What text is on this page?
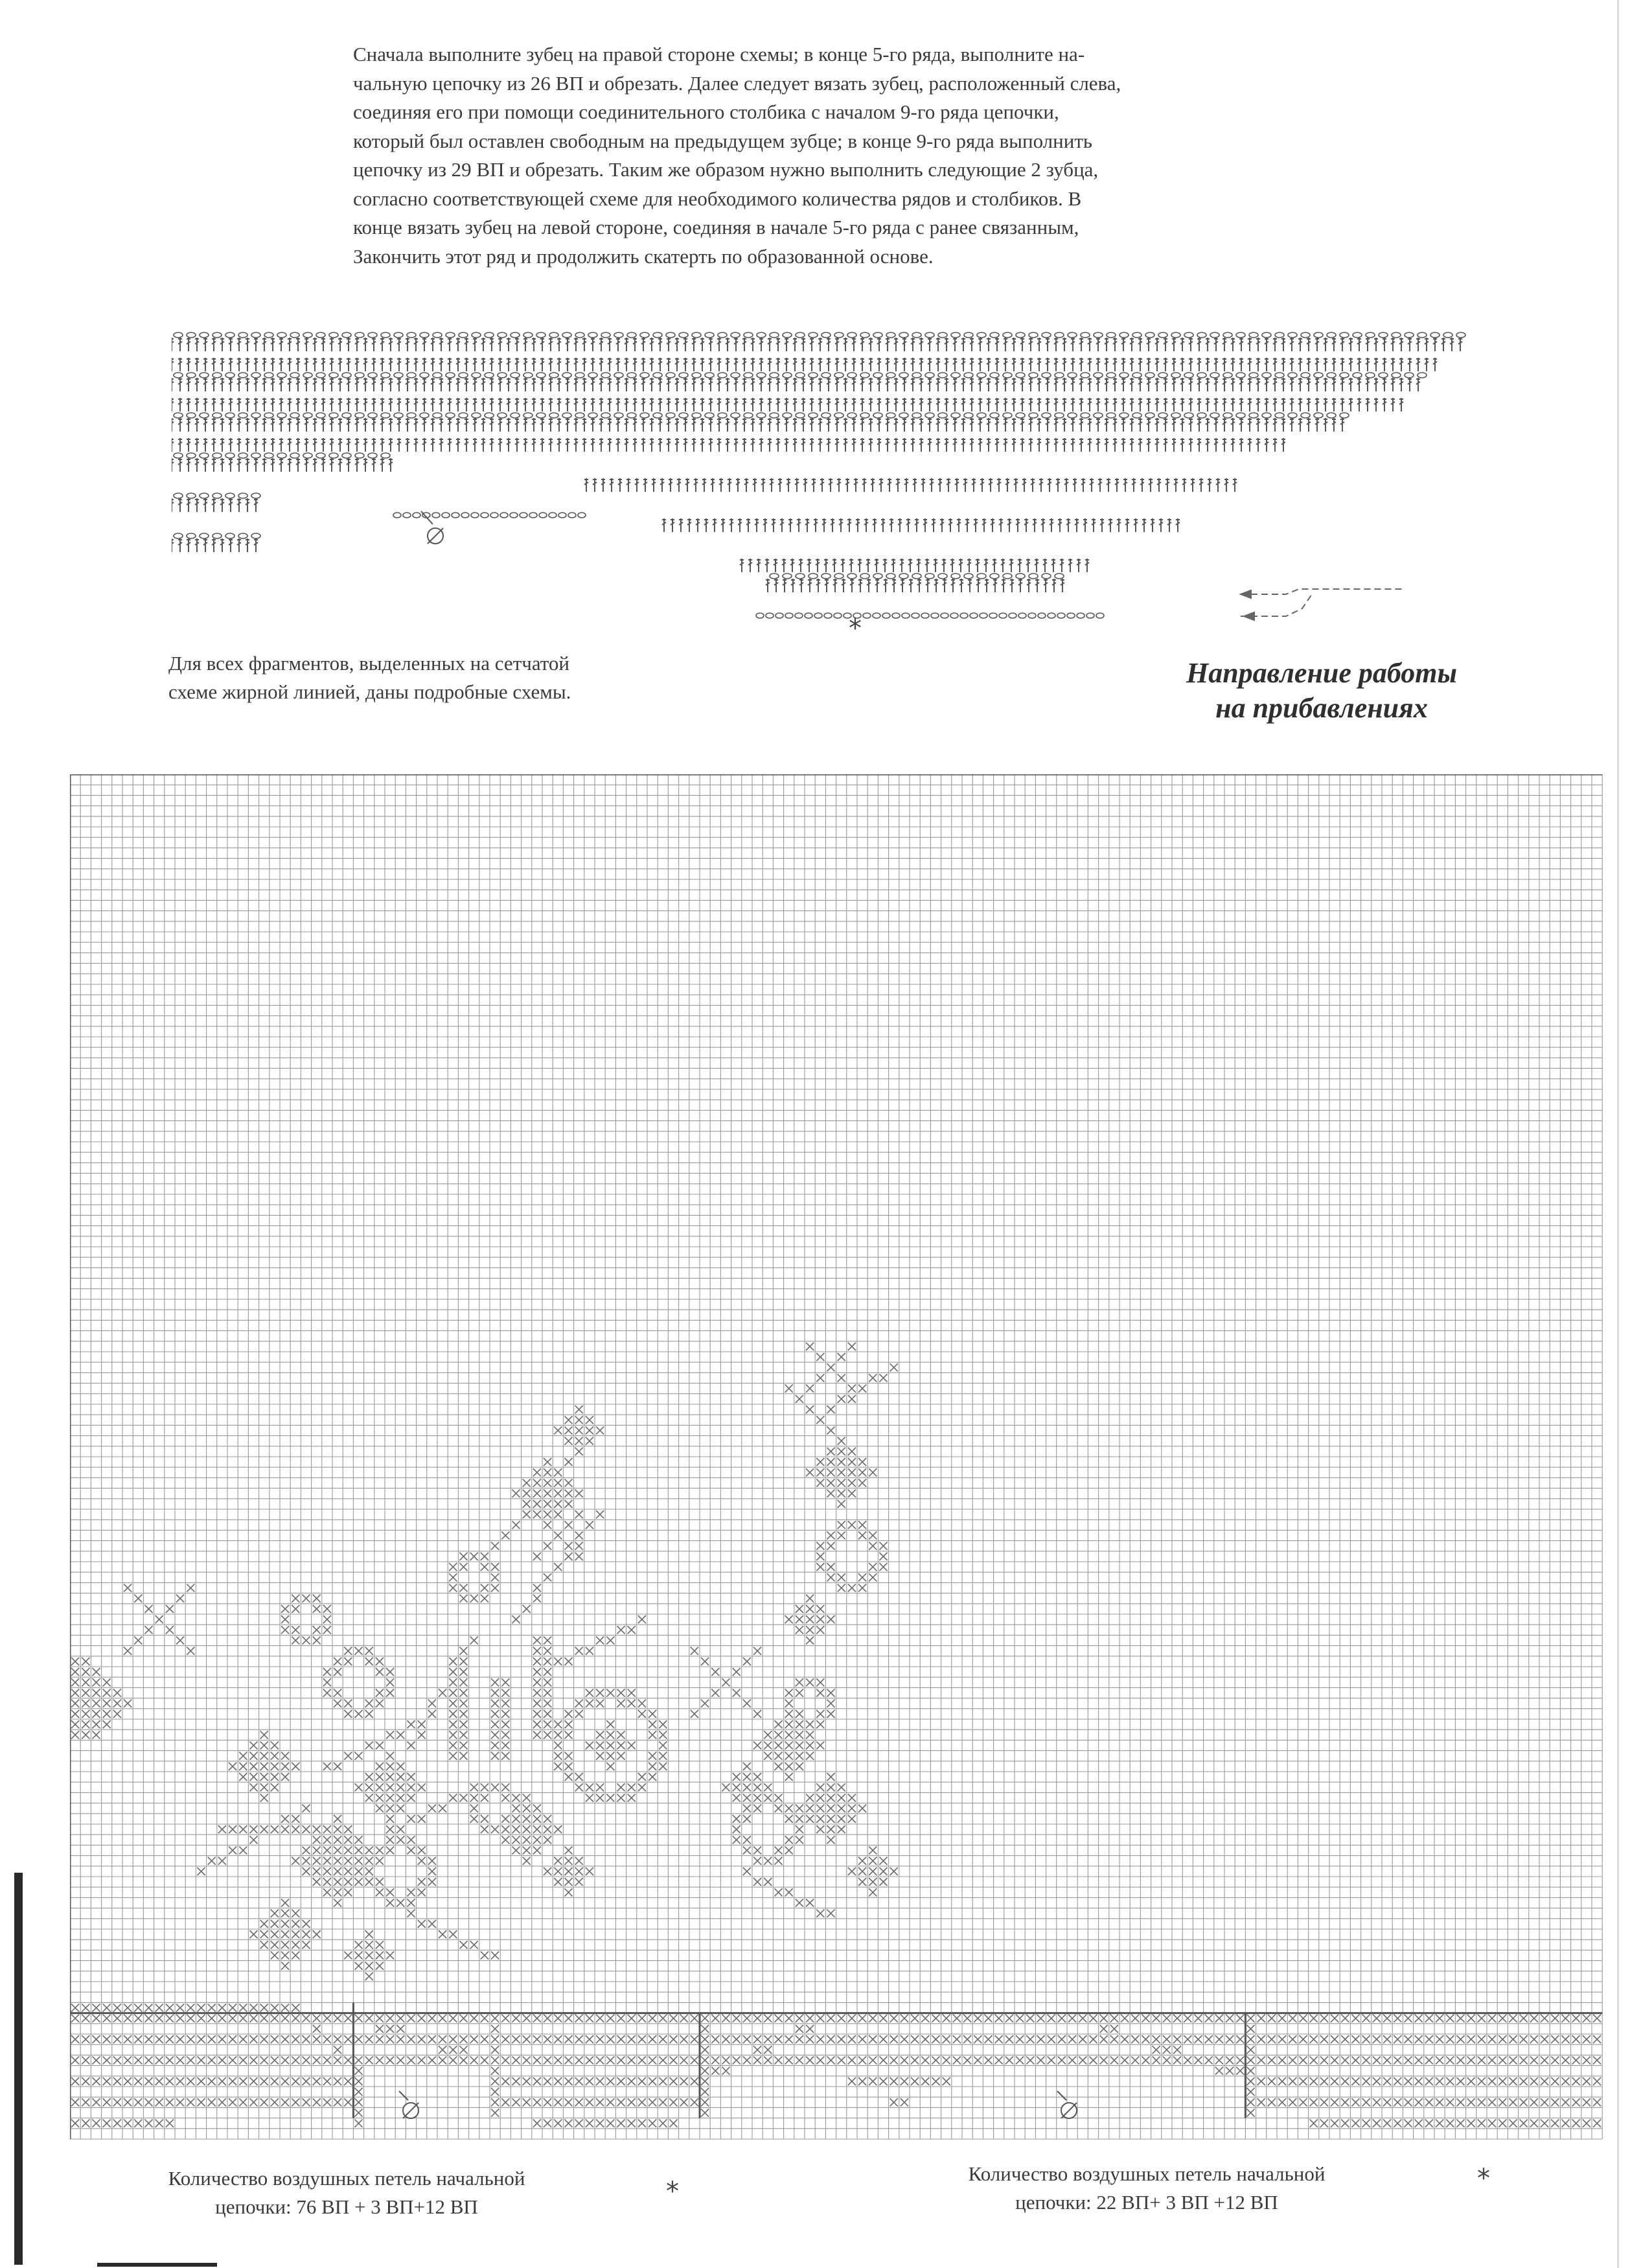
Сначала выполните зубец на правой стороне схемы; в конце 5-го ряда, выполните на-
чальную цепочку из 26 ВП и обрезать. Далее следует вязать зубец, расположенный слева,
соединяя его при помощи соединительного столбика с началом 9-го ряда цепочки,
который был оставлен свободным на предыдущем зубце; в конце 9-го ряда выполнить
цепочку из 29 ВП и обрезать. Таким же образом нужно выполнить следующие 2 зубца,
согласно соответствующей схеме для необходимого количества рядов и столбиков. В
конце вязать зубец на левой стороне, соединяя в начале 5-го ряда с ранее связанным,
Закончить этот ряд и продолжить скатерть по образованной основе.
*
Для всех фрагментов, выделенных на сетчатой
схеме жирной линией, даны подробные схемы.
Направление работы
на прибавлениях
*	*
Количество воздушных петель начальной
цепочки: 76 ВП + 3 ВП+12 ВП
Количество воздушных петель начальной
цепочки: 22 ВП+ 3 ВП +12 ВП
